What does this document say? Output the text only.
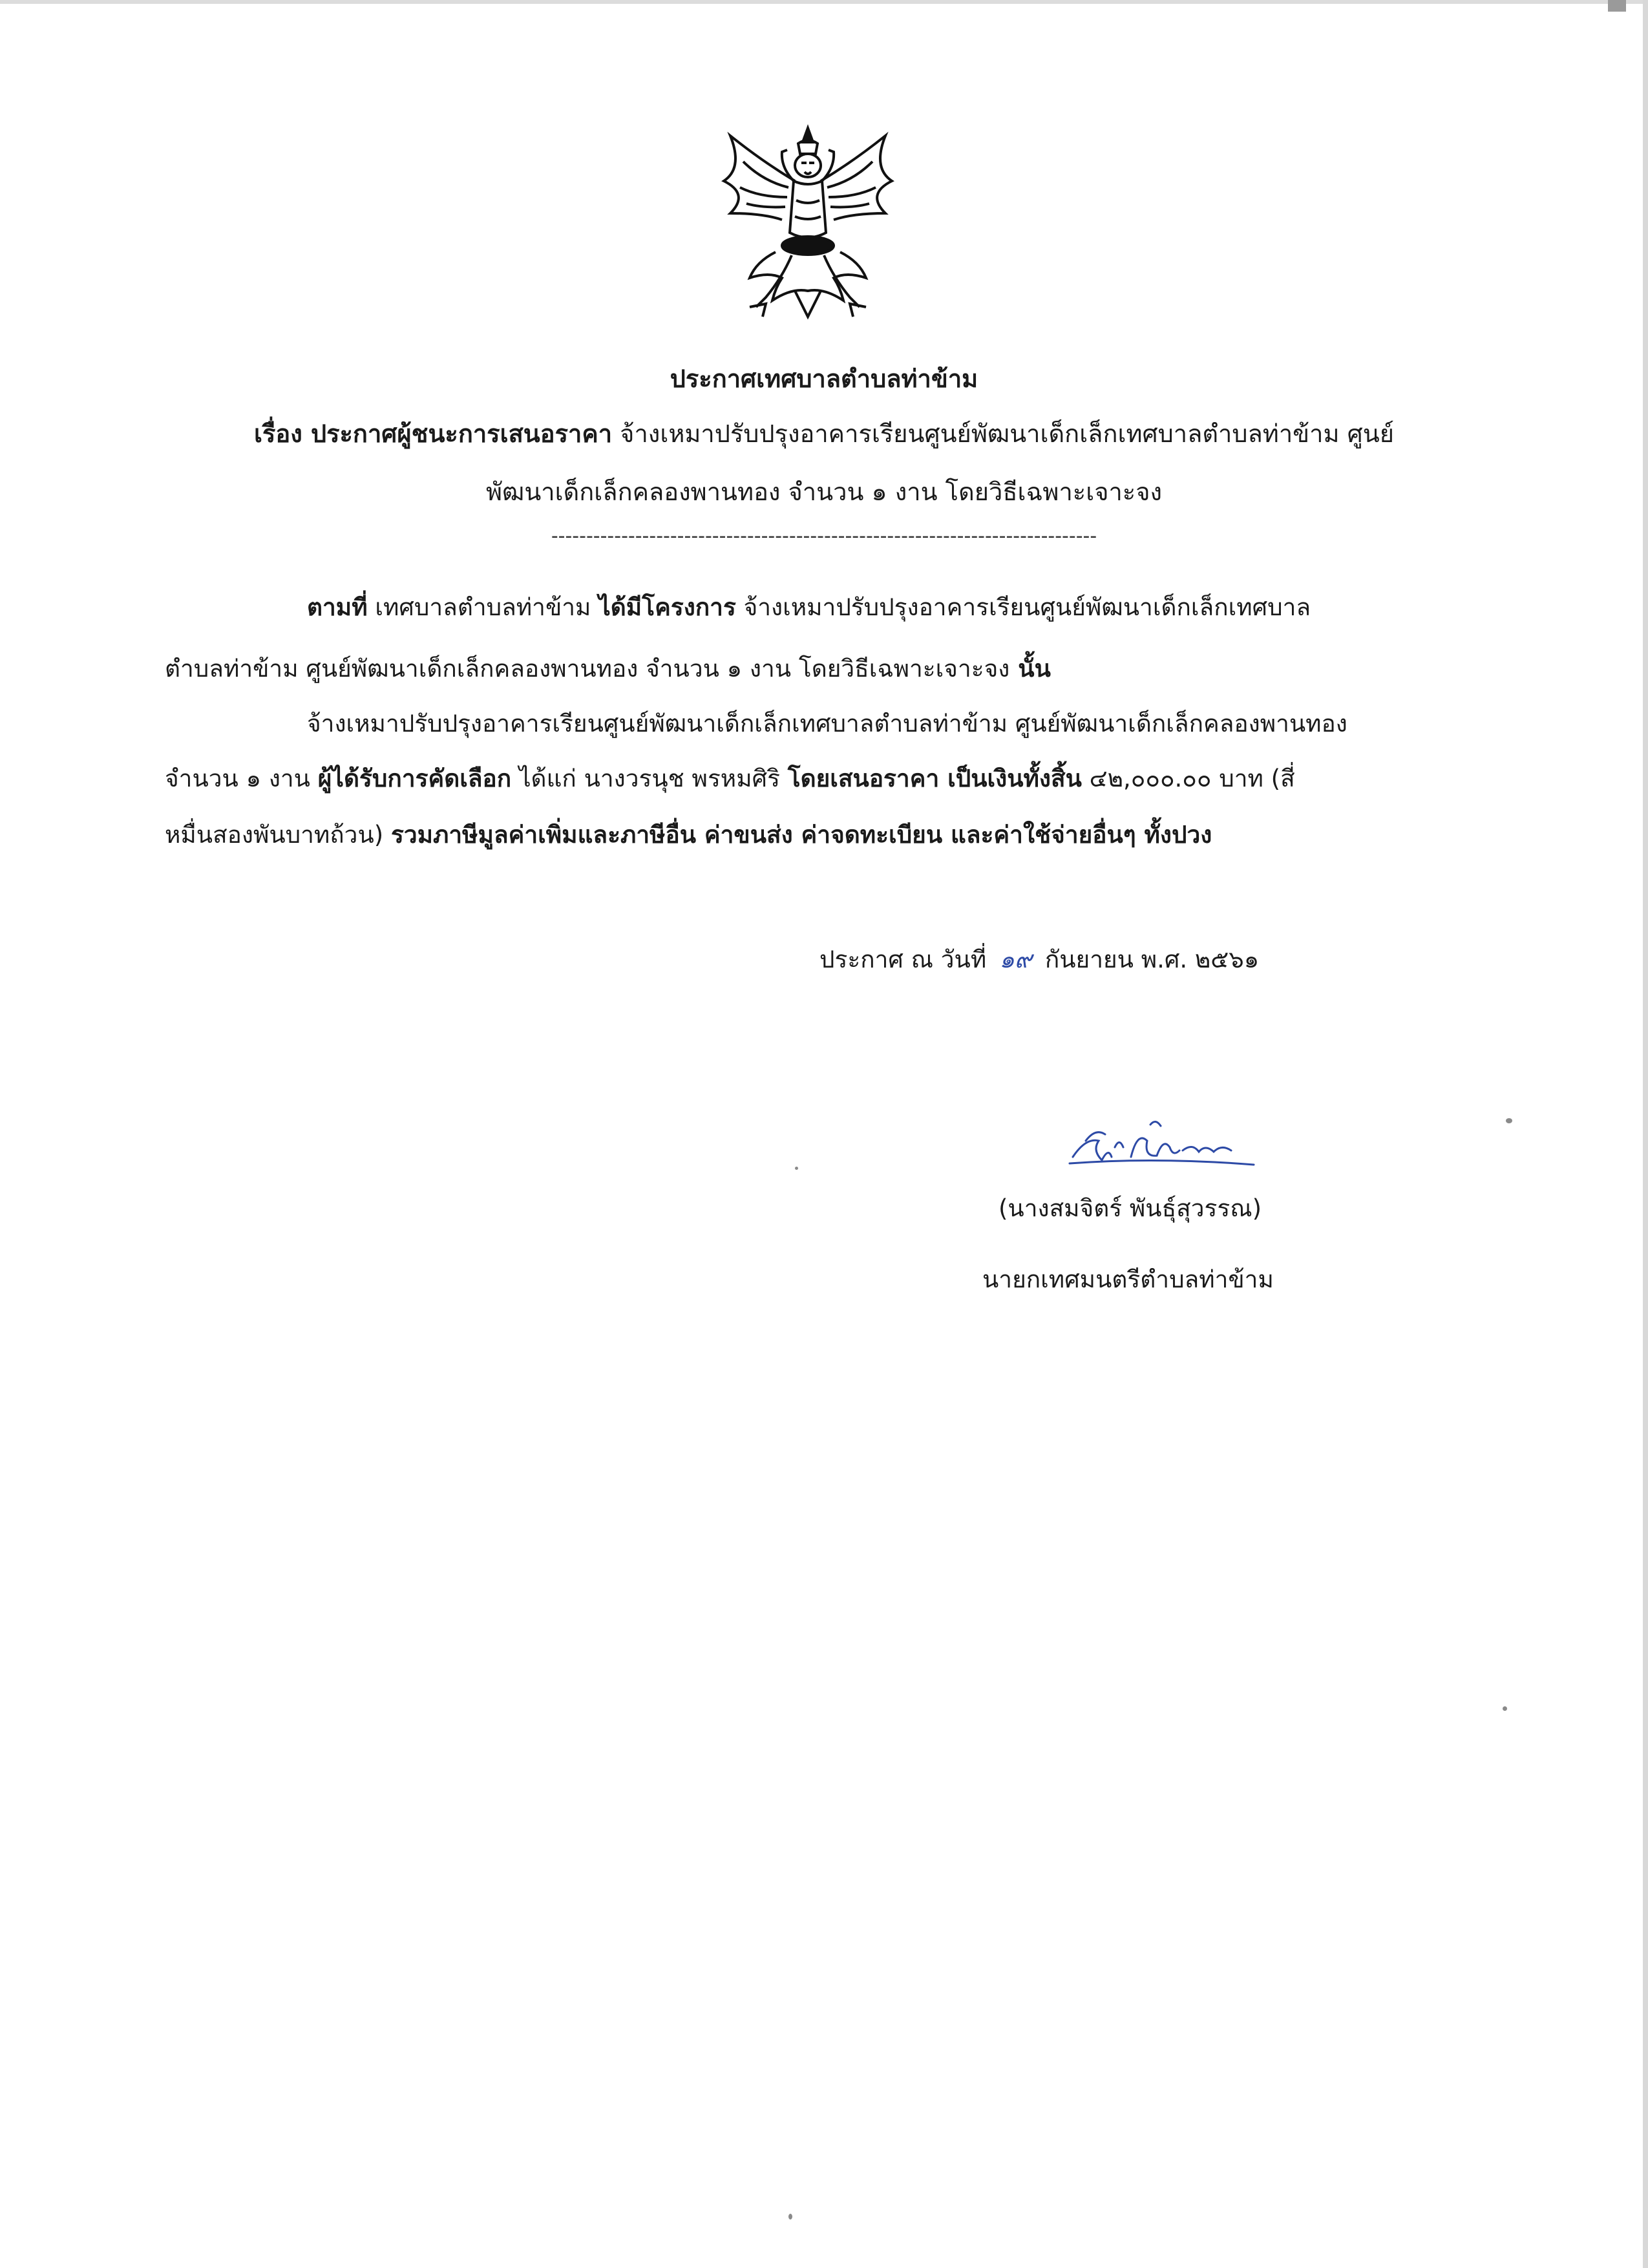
ประกาศเทศบาลตำบลท่าข้าม
เรื่อง ประกาศผู้ชนะการเสนอราคา จ้างเหมาปรับปรุงอาคารเรียนศูนย์พัฒนาเด็กเล็กเทศบาลตำบลท่าข้าม ศูนย์
พัฒนาเด็กเล็กคลองพานทอง จำนวน ๑ งาน โดยวิธีเฉพาะเจาะจง
------------------------------------------------------------------------------
ตามที่ เทศบาลตำบลท่าข้าม ได้มีโครงการ จ้างเหมาปรับปรุงอาคารเรียนศูนย์พัฒนาเด็กเล็กเทศบาล
ตำบลท่าข้าม ศูนย์พัฒนาเด็กเล็กคลองพานทอง จำนวน ๑ งาน โดยวิธีเฉพาะเจาะจง นั้น
จ้างเหมาปรับปรุงอาคารเรียนศูนย์พัฒนาเด็กเล็กเทศบาลตำบลท่าข้าม ศูนย์พัฒนาเด็กเล็กคลองพานทอง
จำนวน ๑ งาน ผู้ได้รับการคัดเลือก ได้แก่ นางวรนุช พรหมศิริ โดยเสนอราคา เป็นเงินทั้งสิ้น ๔๒,๐๐๐.๐๐ บาท (สี่
หมื่นสองพันบาทถ้วน) รวมภาษีมูลค่าเพิ่มและภาษีอื่น ค่าขนส่ง ค่าจดทะเบียน และค่าใช้จ่ายอื่นๆ ทั้งปวง
ประกาศ ณ วันที่ ๑๙ กันยายน พ.ศ. ๒๕๖๑
(นางสมจิตร์ พันธุ์สุวรรณ)
นายกเทศมนตรีตำบลท่าข้าม
